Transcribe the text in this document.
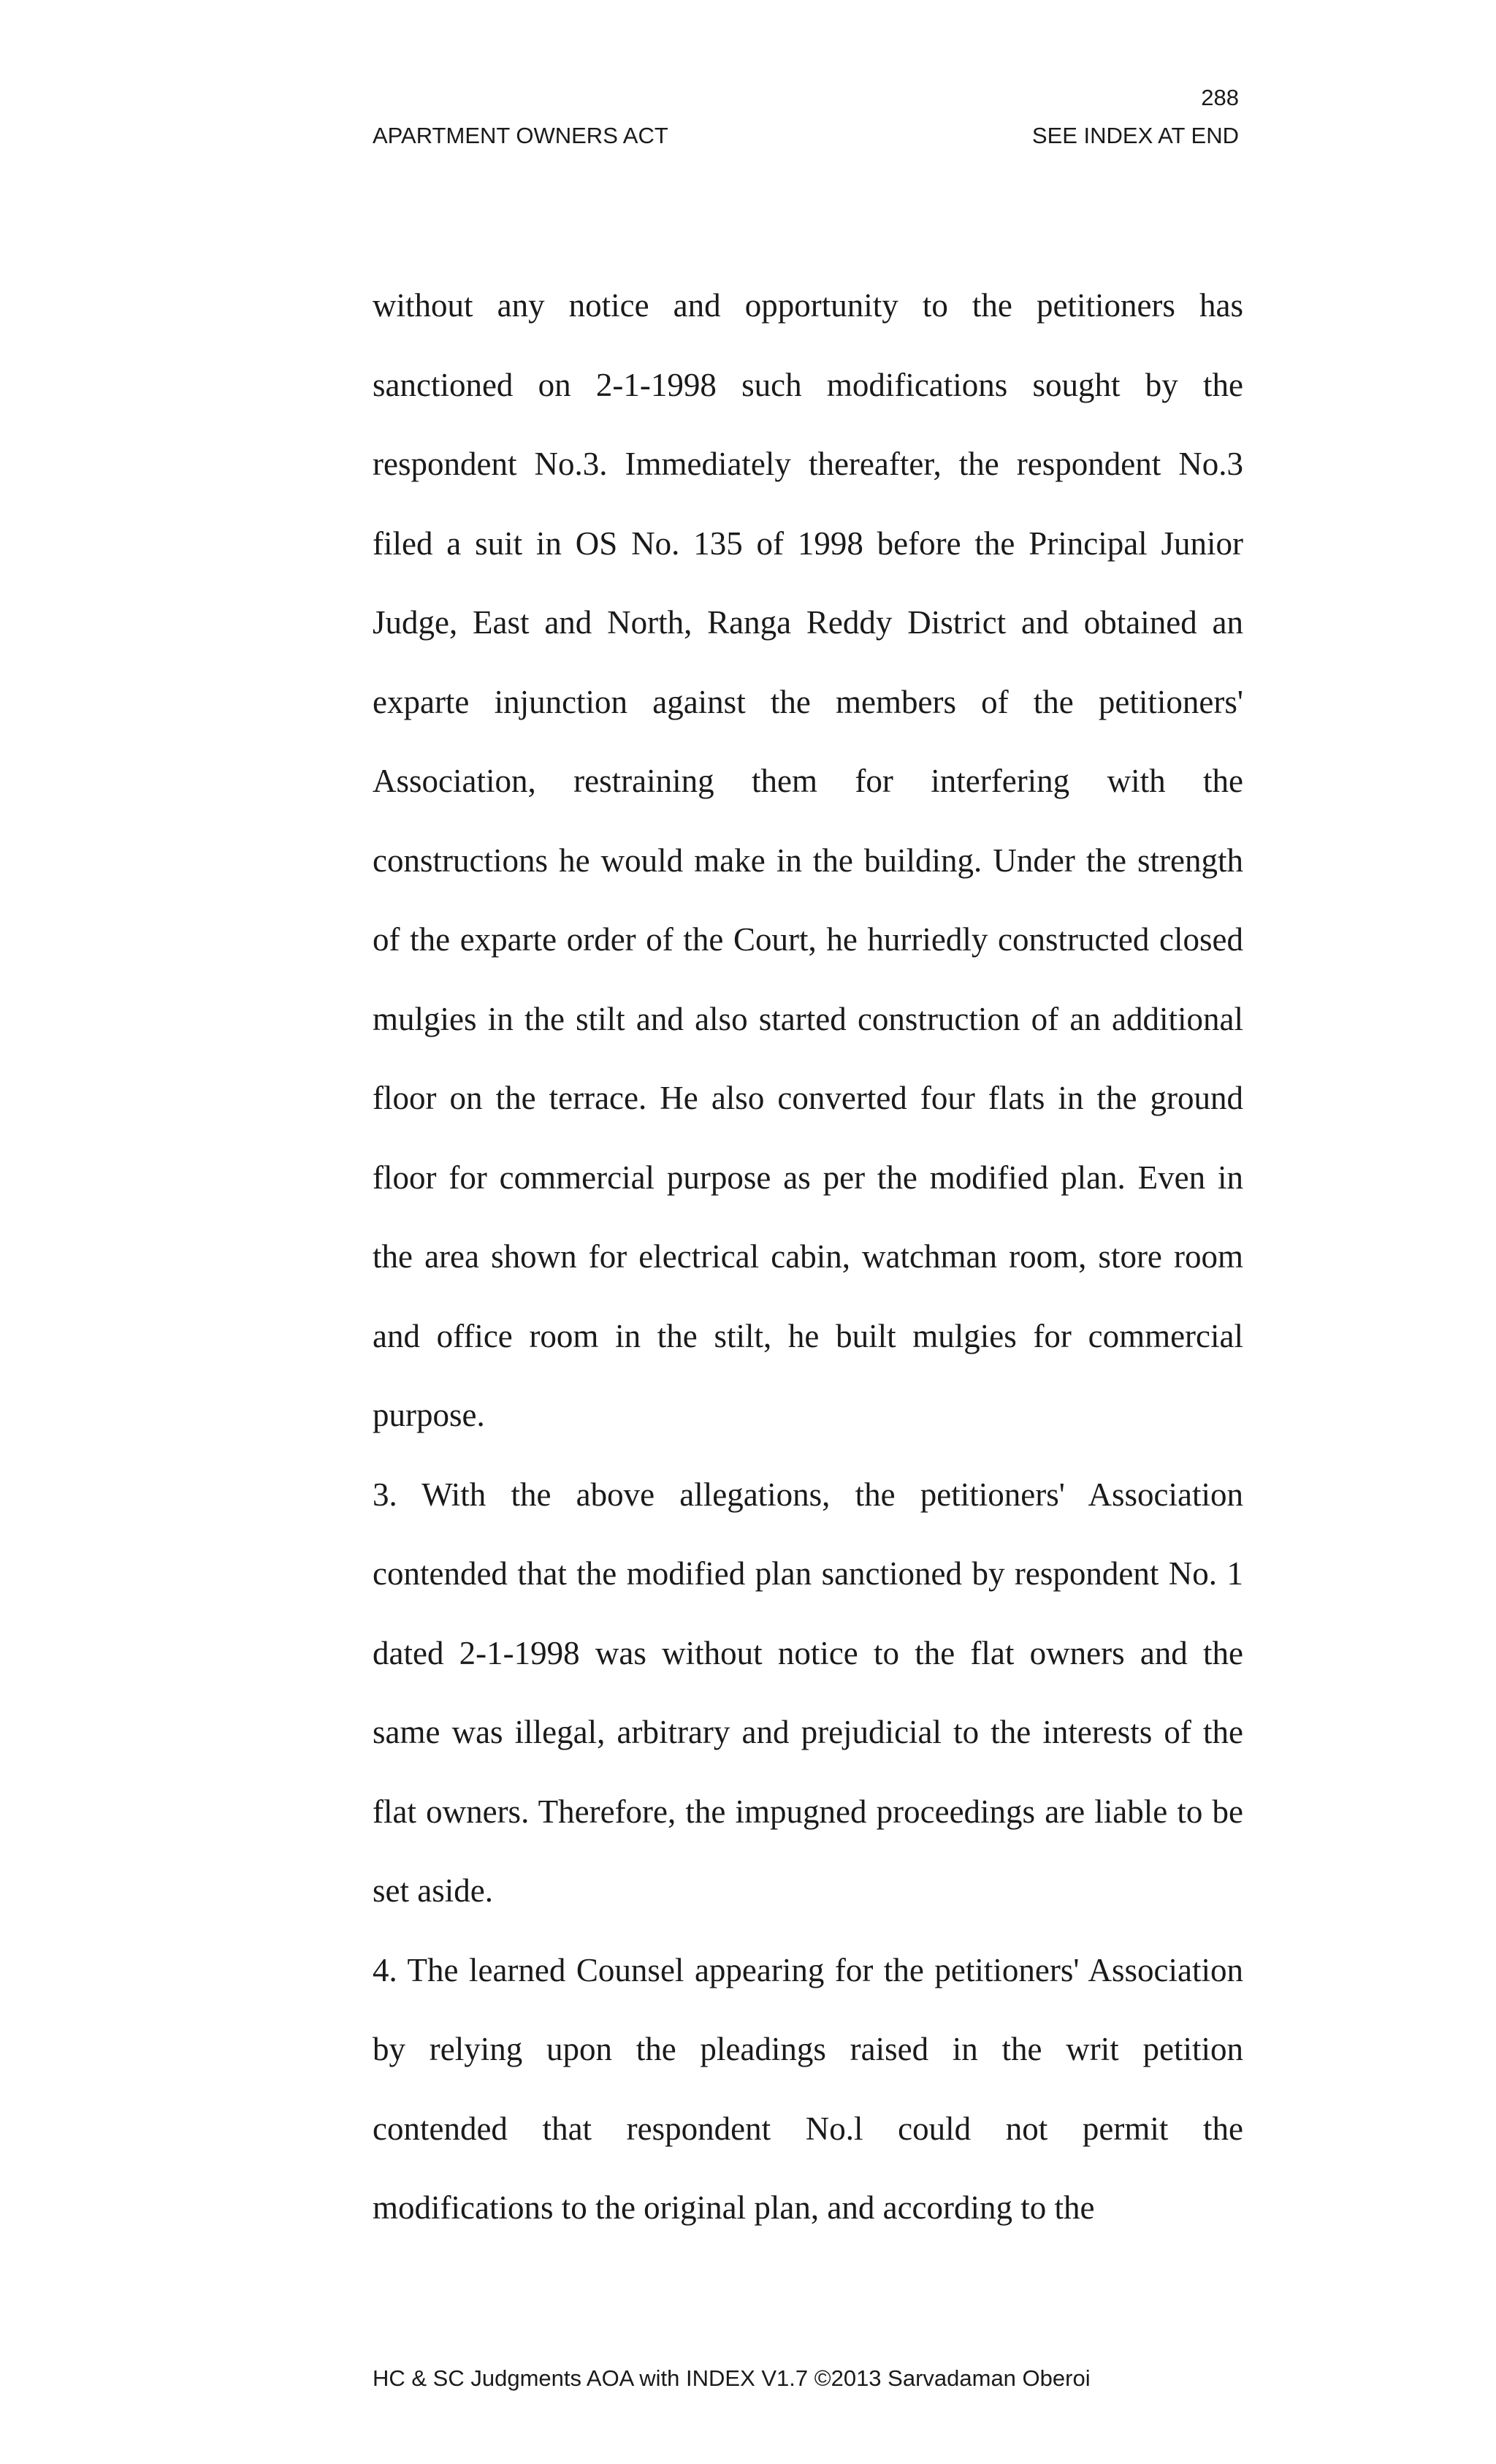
288
APARTMENT OWNERS ACT	SEE INDEX AT END

without any notice and opportunity to the petitioners has sanctioned on 2-1-1998 such modifications sought by the respondent No.3. Immediately thereafter, the respondent No.3 filed a suit in OS No. 135 of 1998 before the Principal Junior Judge, East and North, Ranga Reddy District and obtained an exparte injunction against the members of the petitioners' Association, restraining them for interfering with the constructions he would make in the building. Under the strength of the exparte order of the Court, he hurriedly constructed closed mulgies in the stilt and also started construction of an additional floor on the terrace. He also converted four flats in the ground floor for commercial purpose as per the modified plan. Even in the area shown for electrical cabin, watchman room, store room and office room in the stilt, he built mulgies for commercial purpose.

3. With the above allegations, the petitioners' Association contended that the modified plan sanctioned by respondent No. 1 dated 2-1-1998 was without notice to the flat owners and the same was illegal, arbitrary and prejudicial to the interests of the flat owners. Therefore, the impugned proceedings are liable to be set aside.

4. The learned Counsel appearing for the petitioners' Association by relying upon the pleadings raised in the writ petition contended that respondent No.l could not permit the modifications to the original plan, and according to the

HC & SC Judgments AOA with INDEX V1.7 ©2013 Sarvadaman Oberoi
